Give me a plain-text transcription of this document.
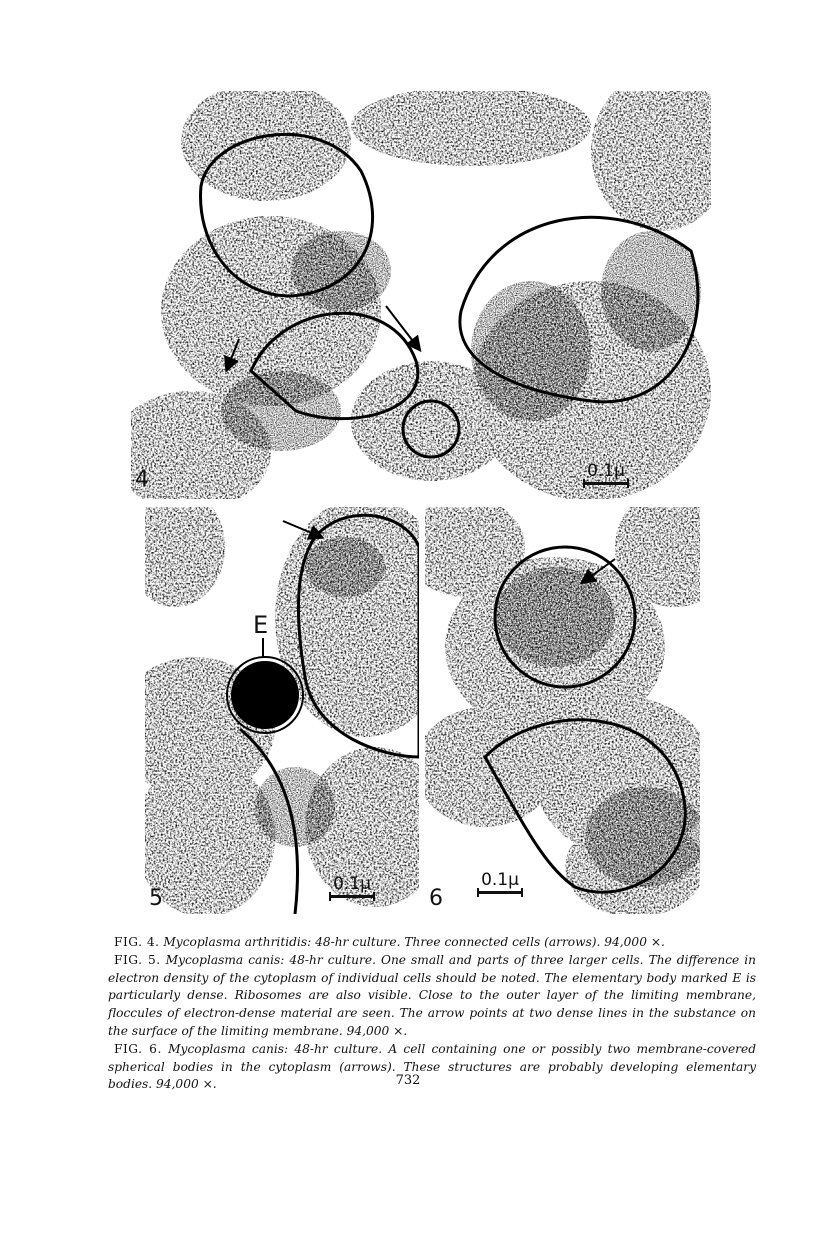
4	0.1µ
E
5
0.1µ
6
0.1µ

FIG. 4. Mycoplasma arthritidis: 48-hr culture. Three connected cells (arrows). 94,000 ×.

FIG. 5. Mycoplasma canis: 48-hr culture. One small and parts of three larger cells. The difference in electron density of the cytoplasm of individual cells should be noted. The elementary body marked E is particularly dense. Ribosomes are also visible. Close to the outer layer of the limiting membrane, floccules of electron-dense material are seen. The arrow points at two dense lines in the substance on the surface of the limiting membrane. 94,000 ×.

FIG. 6. Mycoplasma canis: 48-hr culture. A cell containing one or possibly two membrane-covered spherical bodies in the cytoplasm (arrows). These structures are probably developing elementary bodies. 94,000 ×.	732
